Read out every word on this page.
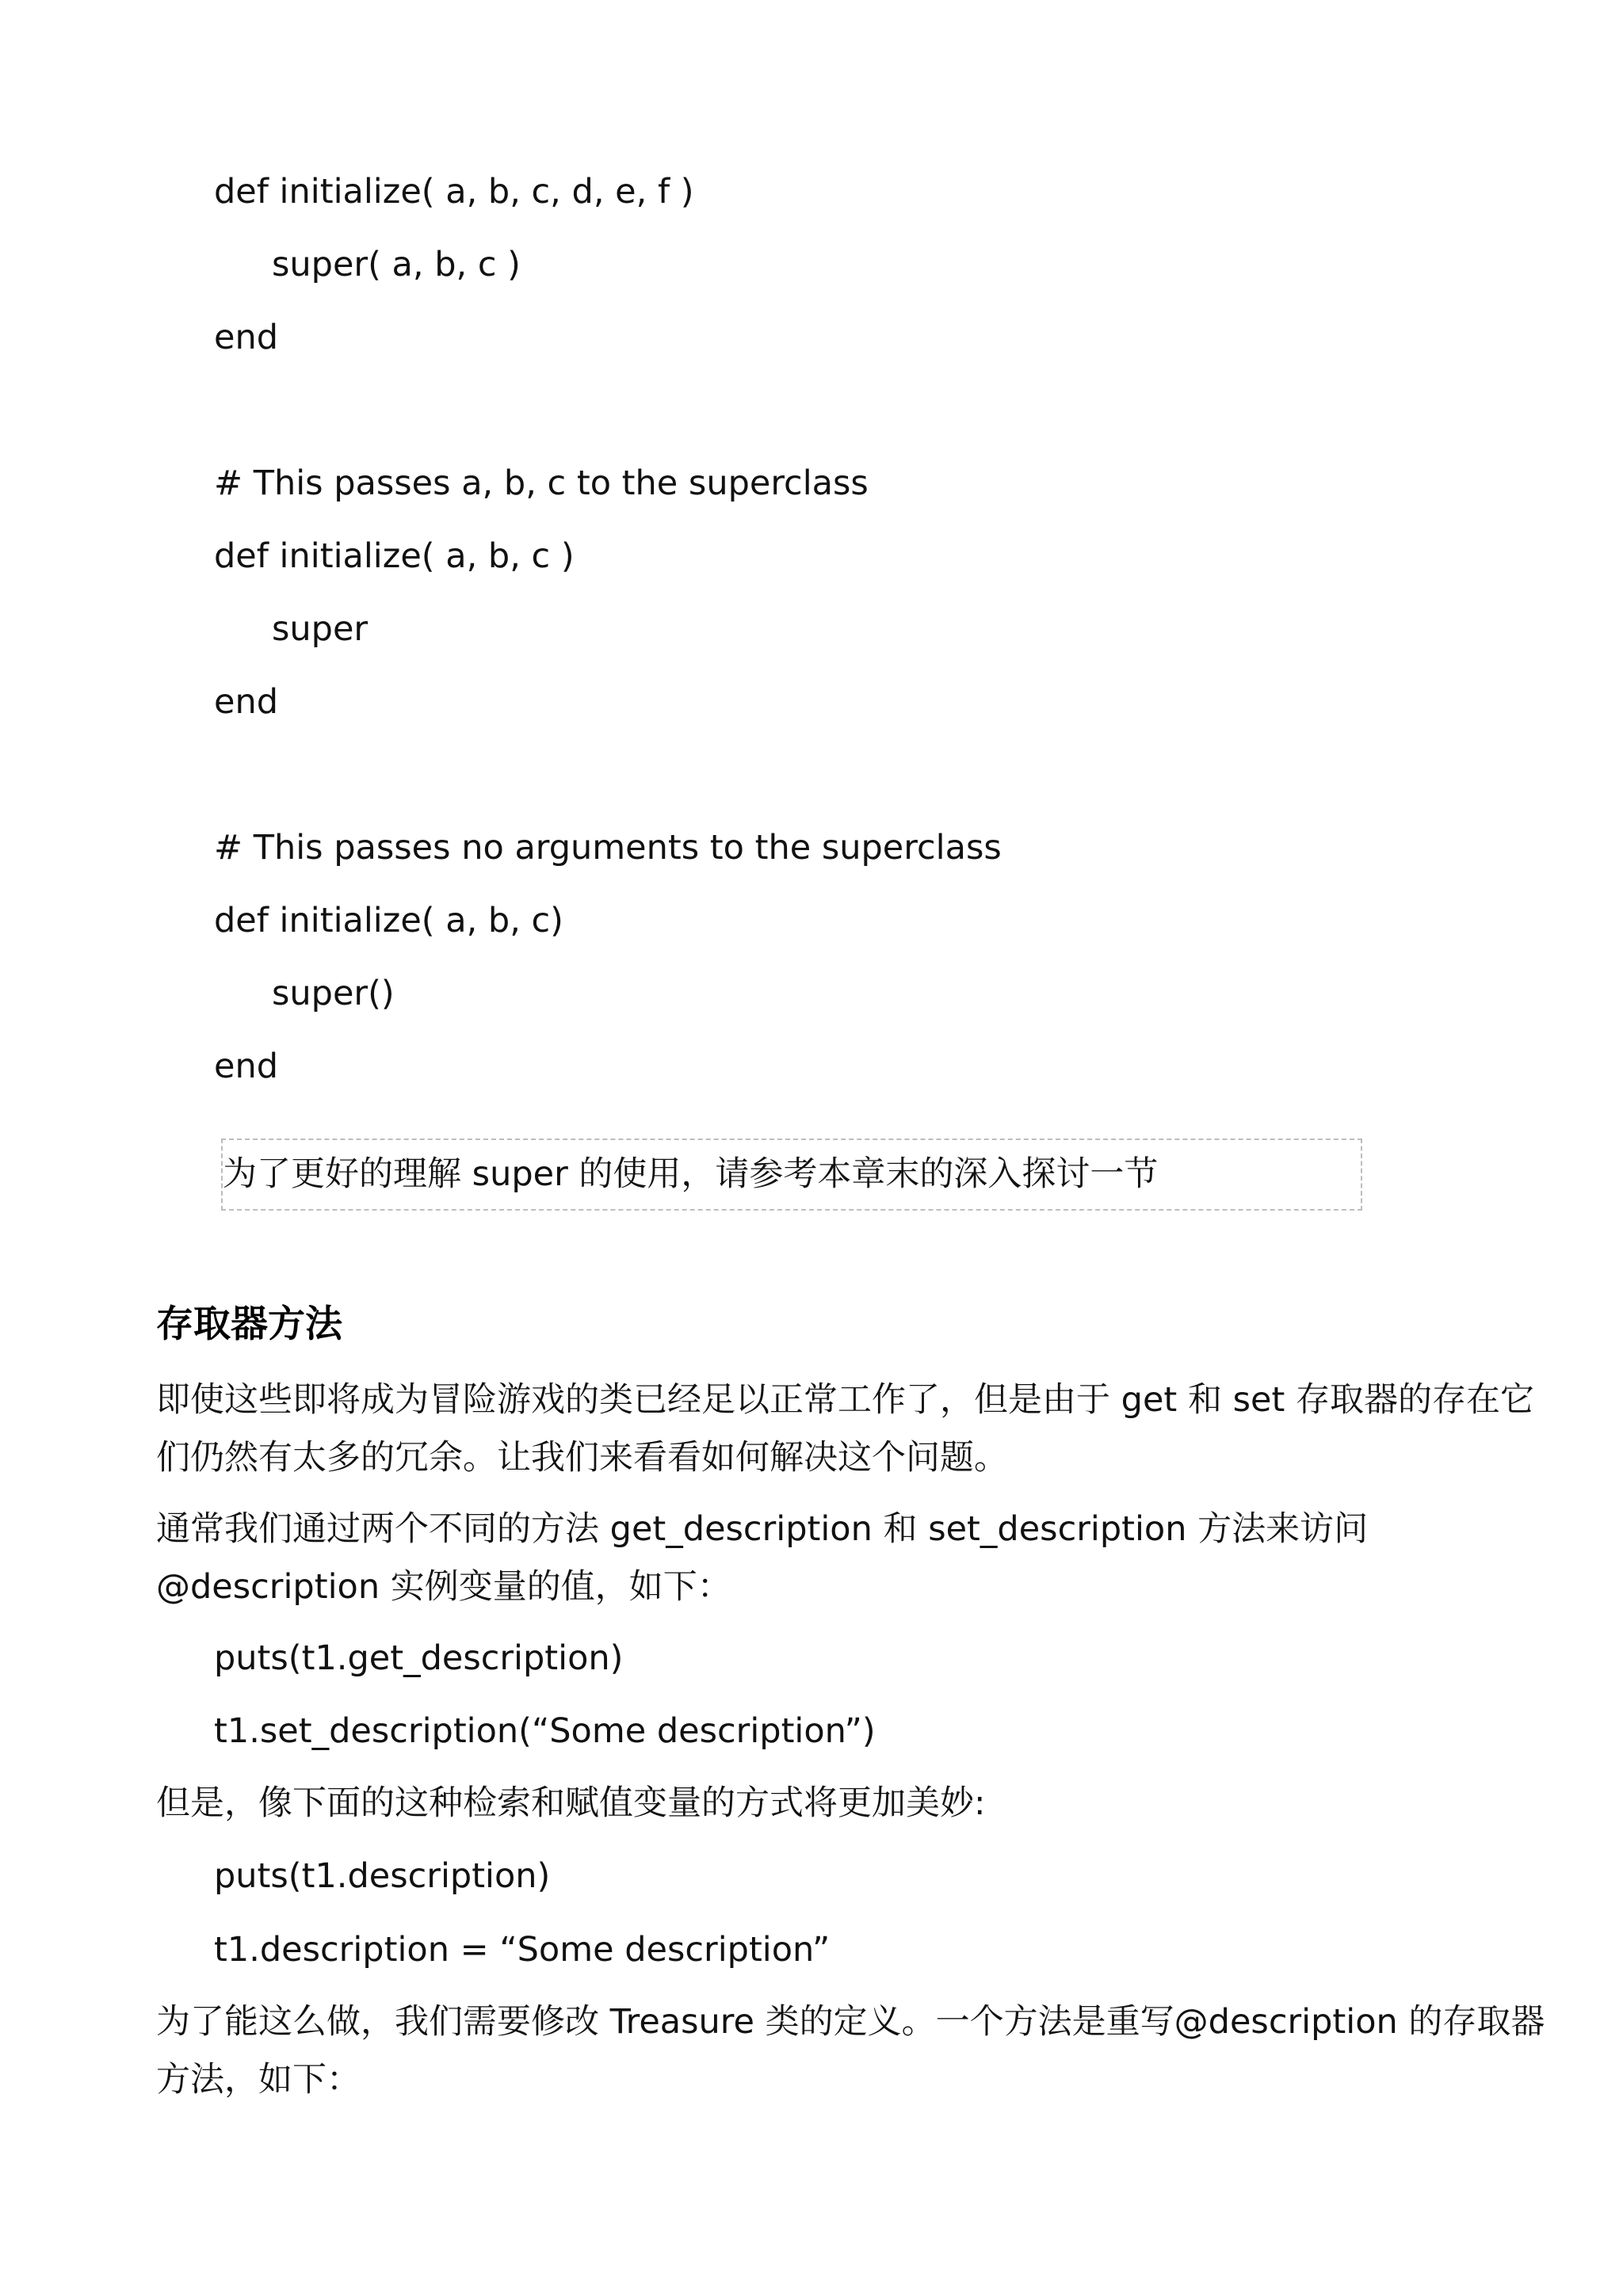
def initialize( a, b, c, d, e, f )
super( a, b, c )
end
# This passes a, b, c to the superclass
def initialize( a, b, c )
super
end
# This passes no arguments to the superclass
def initialize( a, b, c)
super()
end
为了更好的理解 super 的使用，请参考本章末的深入探讨一节
存取器方法
即使这些即将成为冒险游戏的类已经足以正常工作了，但是由于 get 和 set 存取器的存在它
们仍然有太多的冗余。让我们来看看如何解决这个问题。
通常我们通过两个不同的方法 get_description 和 set_description 方法来访问
@description 实例变量的值，如下：
puts(t1.get_description)
t1.set_description(“Some description”)
但是，像下面的这种检索和赋值变量的方式将更加美妙:
puts(t1.description)
t1.description = “Some description”
为了能这么做，我们需要修改 Treasure 类的定义。一个方法是重写@description 的存取器
方法，如下：
